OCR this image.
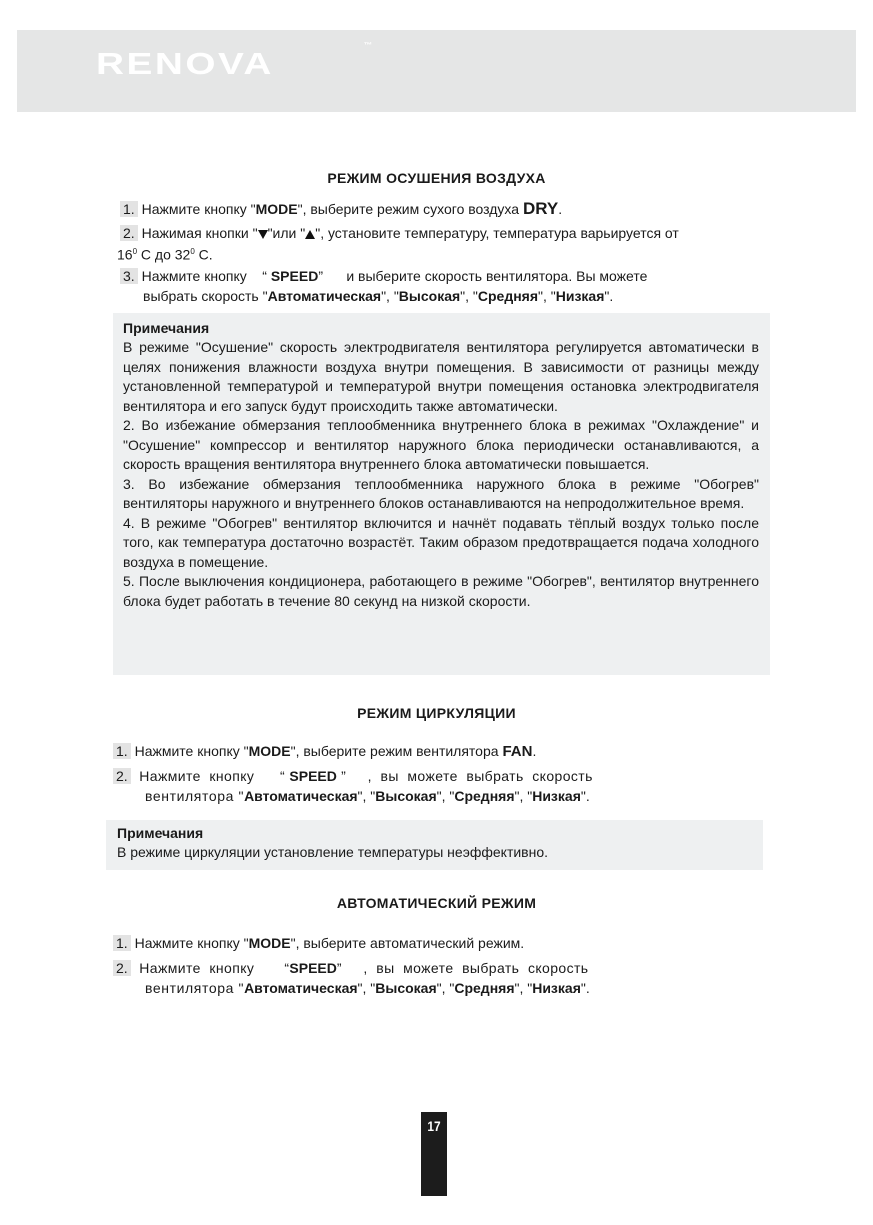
RENOVA
™
РЕЖИМ ОСУШЕНИЯ ВОЗДУХА
1. Нажмите кнопку "MODE", выберите режим сухого воздуха DRY.
2. Нажимая кнопки " "или " ", установите температуру, температура варьируется от
$16^0$ С до $32^0$ С.
3. Нажмите кнопку    “ SPEED”      и выберите скорость вентилятора. Вы можете
выбрать скорость "Автоматическая", "Высокая", "Средняя", "Низкая".
Примечания

В режиме "Осушение" скорость электродвигателя вентилятора регулируется автоматически в целях понижения влажности воздуха внутри помещения. В зависимости от разницы между установленной температурой и температурой внутри помещения остановка электродвигателя вентилятора и его запуск будут происходить также автоматически.

2. Во избежание обмерзания теплообменника внутреннего блока в режимах "Охлаждение" и "Осушение" компрессор и вентилятор наружного блока периодически останавливаются, а скорость вращения вентилятора внутреннего блока автоматически повышается.

3. Во избежание обмерзания теплообменника наружного блока в режиме "Обогрев" вентиляторы наружного и внутреннего блоков останавливаются на непродолжительное время.

4. В режиме "Обогрев" вентилятор включится и начнёт подавать тёплый воздух только после того, как температура достаточно возрастёт. Таким образом предотвращается подача холодного воздуха в помещение.

5. После выключения кондиционера, работающего в режиме "Обогрев", вентилятор внутреннего блока будет работать в течение 80 секунд на низкой скорости.

РЕЖИМ ЦИРКУЛЯЦИИ
1. Нажмите кнопку "MODE", выберите режим вентилятора FAN.
2.  Нажмите  кнопку      “ SPEED ”     ,  вы  можете  выбрать  скорость
вентилятора "Автоматическая", "Высокая", "Средняя", "Низкая".
Примечания
В режиме циркуляции установление температуры неэффективно.
АВТОМАТИЧЕСКИЙ РЕЖИМ
1. Нажмите кнопку "MODE", выберите автоматический режим.
2.  Нажмите  кнопку       “SPEED”     ,  вы  можете  выбрать  скорость
вентилятора "Автоматическая", "Высокая", "Средняя", "Низкая".
17
